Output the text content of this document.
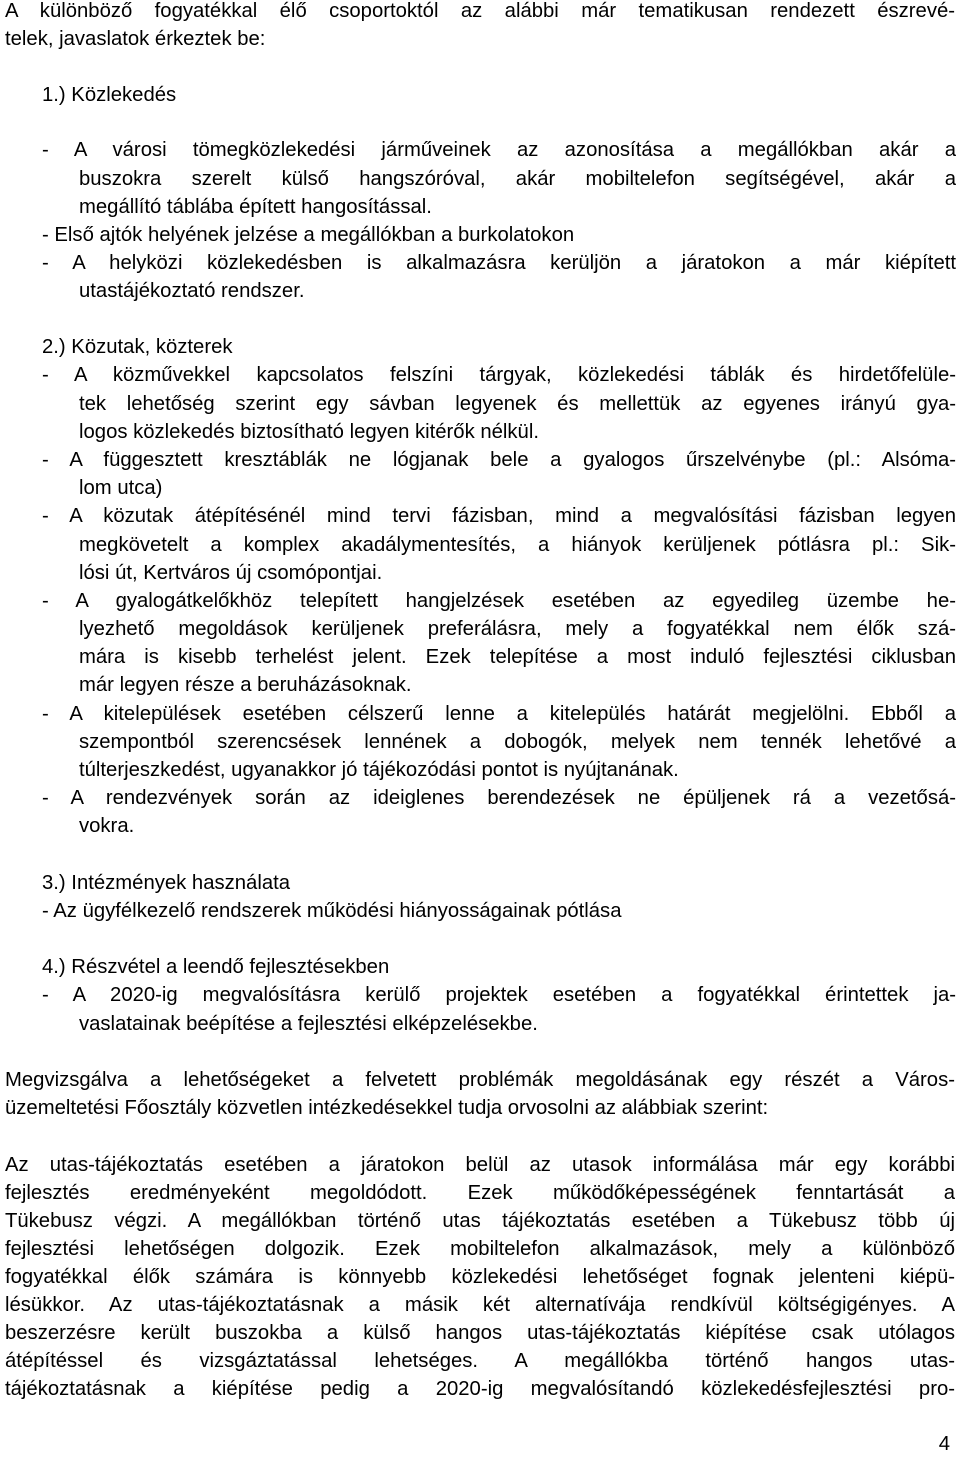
A különböző fogyatékkal élő csoportoktól az alábbi már tematikusan rendezett észrevé-
telek, javaslatok érkeztek be:
1.) Közlekedés
- A városi tömegközlekedési járműveinek az azonosítása a megállókban akár a
buszokra szerelt külső hangszóróval, akár mobiltelefon segítségével, akár a
megállító táblába épített hangosítással.
- Első ajtók helyének jelzése a megállókban a burkolatokon
- A helyközi közlekedésben is alkalmazásra kerüljön a járatokon a már kiépített
utastájékoztató rendszer.
2.) Közutak, közterek
- A közművekkel kapcsolatos felszíni tárgyak, közlekedési táblák és hirdetőfelüle-
tek lehetőség szerint egy sávban legyenek és mellettük az egyenes irányú gya-
logos közlekedés biztosítható legyen kitérők nélkül.
- A függesztett kresztáblák ne lógjanak bele a gyalogos űrszelvénybe (pl.: Alsóma-
lom utca)
- A közutak átépítésénél mind tervi fázisban, mind a megvalósítási fázisban legyen
megkövetelt a komplex akadálymentesítés, a hiányok kerüljenek pótlásra pl.: Sik-
lósi út, Kertváros új csomópontjai.
- A gyalogátkelőkhöz telepített hangjelzések esetében az egyedileg üzembe he-
lyezhető megoldások kerüljenek preferálásra, mely a fogyatékkal nem élők szá-
mára is kisebb terhelést jelent. Ezek telepítése a most induló fejlesztési ciklusban
már legyen része a beruházásoknak.
- A kitelepülések esetében célszerű lenne a kitelepülés határát megjelölni. Ebből a
szempontból szerencsések lennének a dobogók, melyek nem tennék lehetővé a
túlterjeszkedést, ugyanakkor jó tájékozódási pontot is nyújtanának.
- A rendezvények során az ideiglenes berendezések ne épüljenek rá a vezetősá-
vokra.
3.) Intézmények használata
- Az ügyfélkezelő rendszerek működési hiányosságainak pótlása
4.) Részvétel a leendő fejlesztésekben
- A 2020-ig megvalósításra kerülő projektek esetében a fogyatékkal érintettek ja-
vaslatainak beépítése a fejlesztési elképzelésekbe.
Megvizsgálva a lehetőségeket a felvetett problémák megoldásának egy részét a Város-
üzemeltetési Főosztály közvetlen intézkedésekkel tudja orvosolni az alábbiak szerint:
Az utas-tájékoztatás esetében a járatokon belül az utasok informálása már egy korábbi
fejlesztés eredményeként megoldódott. Ezek működőképességének fenntartását a
Tükebusz végzi. A megállókban történő utas tájékoztatás esetében a Tükebusz több új
fejlesztési lehetőségen dolgozik. Ezek mobiltelefon alkalmazások, mely a különböző
fogyatékkal élők számára is könnyebb közlekedési lehetőséget fognak jelenteni kiépü-
lésükkor. Az utas-tájékoztatásnak a másik két alternatívája rendkívül költségigényes. A
beszerzésre került buszokba a külső hangos utas-tájékoztatás kiépítése csak utólagos
átépítéssel és vizsgáztatással lehetséges. A megállókba történő hangos utas-
tájékoztatásnak a kiépítése pedig a 2020-ig megvalósítandó közlekedésfejlesztési pro-
4
